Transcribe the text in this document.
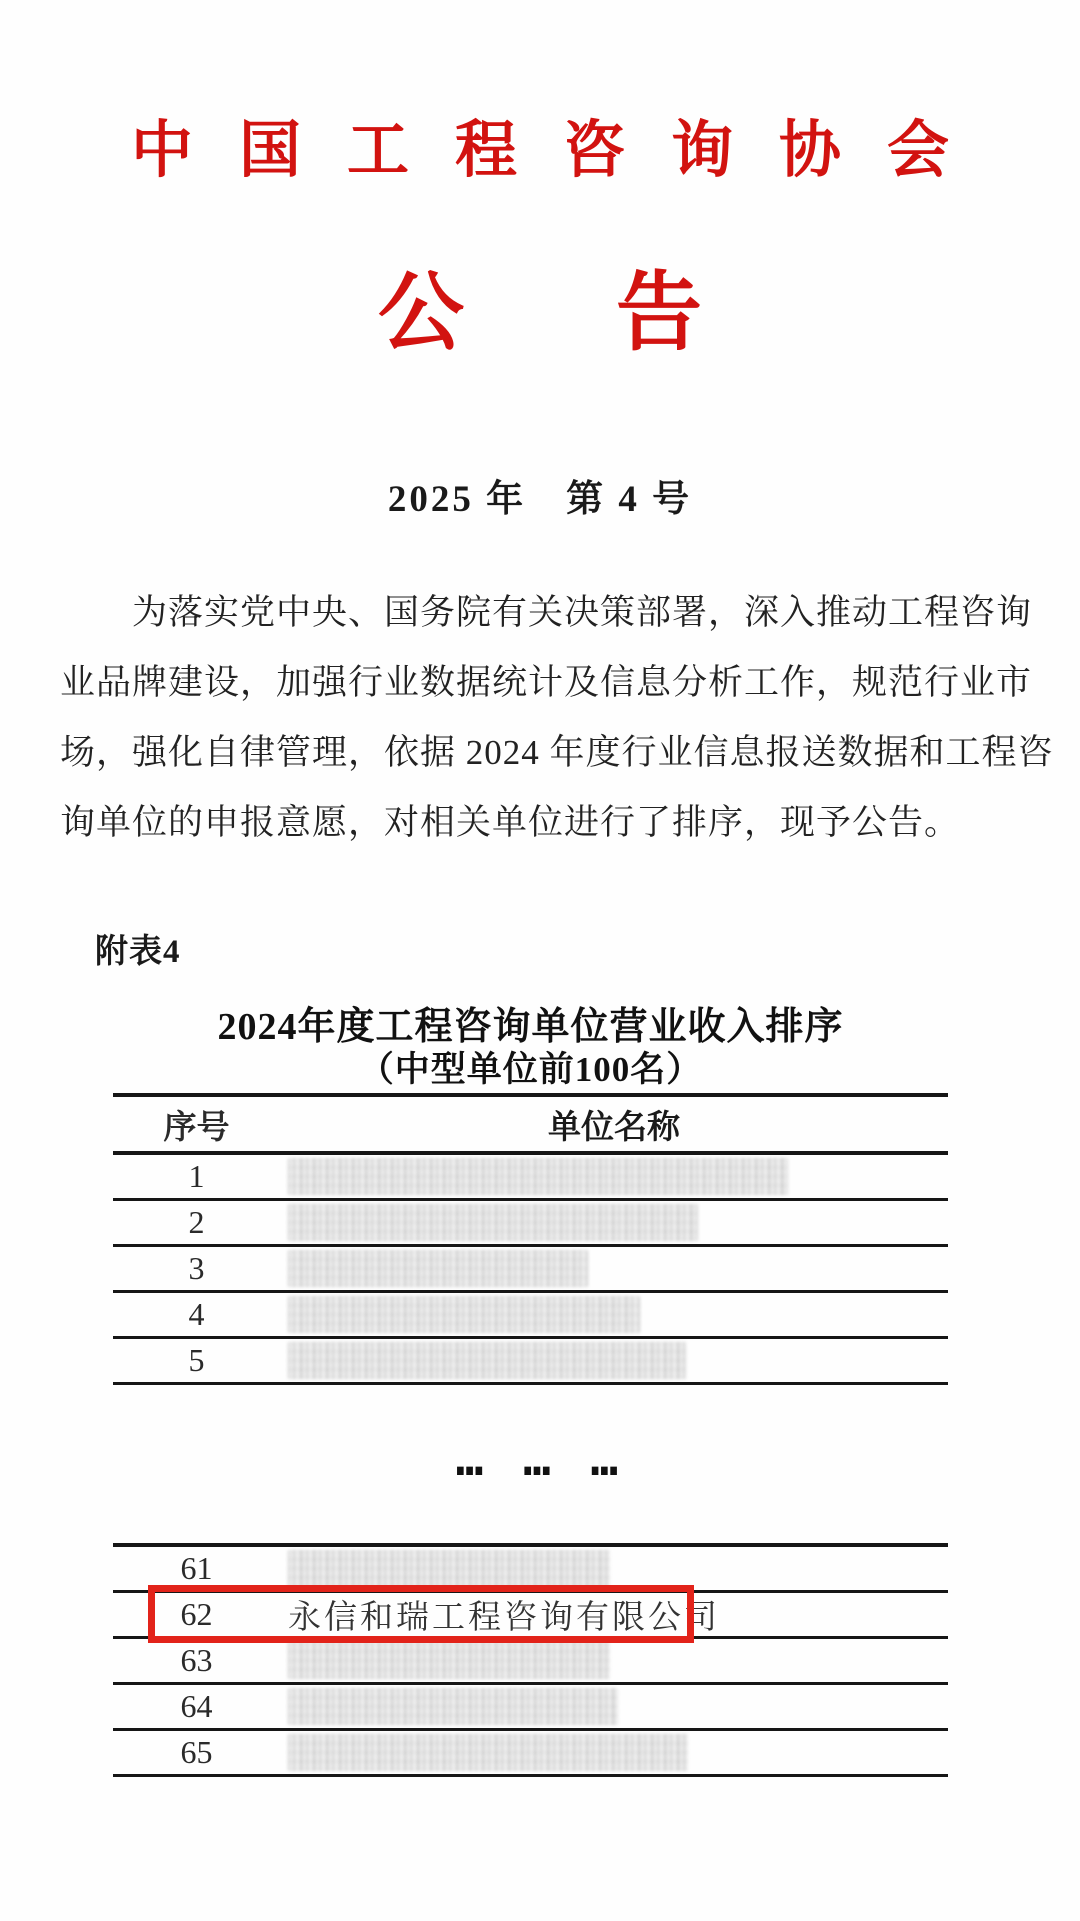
中国工程咨询协会
公告
2025 年　第 4 号
为落实党中央、国务院有关决策部署，深入推动工程咨询
业品牌建设，加强行业数据统计及信息分析工作，规范行业市
场，强化自律管理，依据 2024 年度行业信息报送数据和工程咨
询单位的申报意愿，对相关单位进行了排序，现予公告。
附表4
2024年度工程咨询单位营业收入排序
（中型单位前100名）
序号	单位名称
1
2
3
4
5
… … …
61
62	永信和瑞工程咨询有限公司
63
64
65
